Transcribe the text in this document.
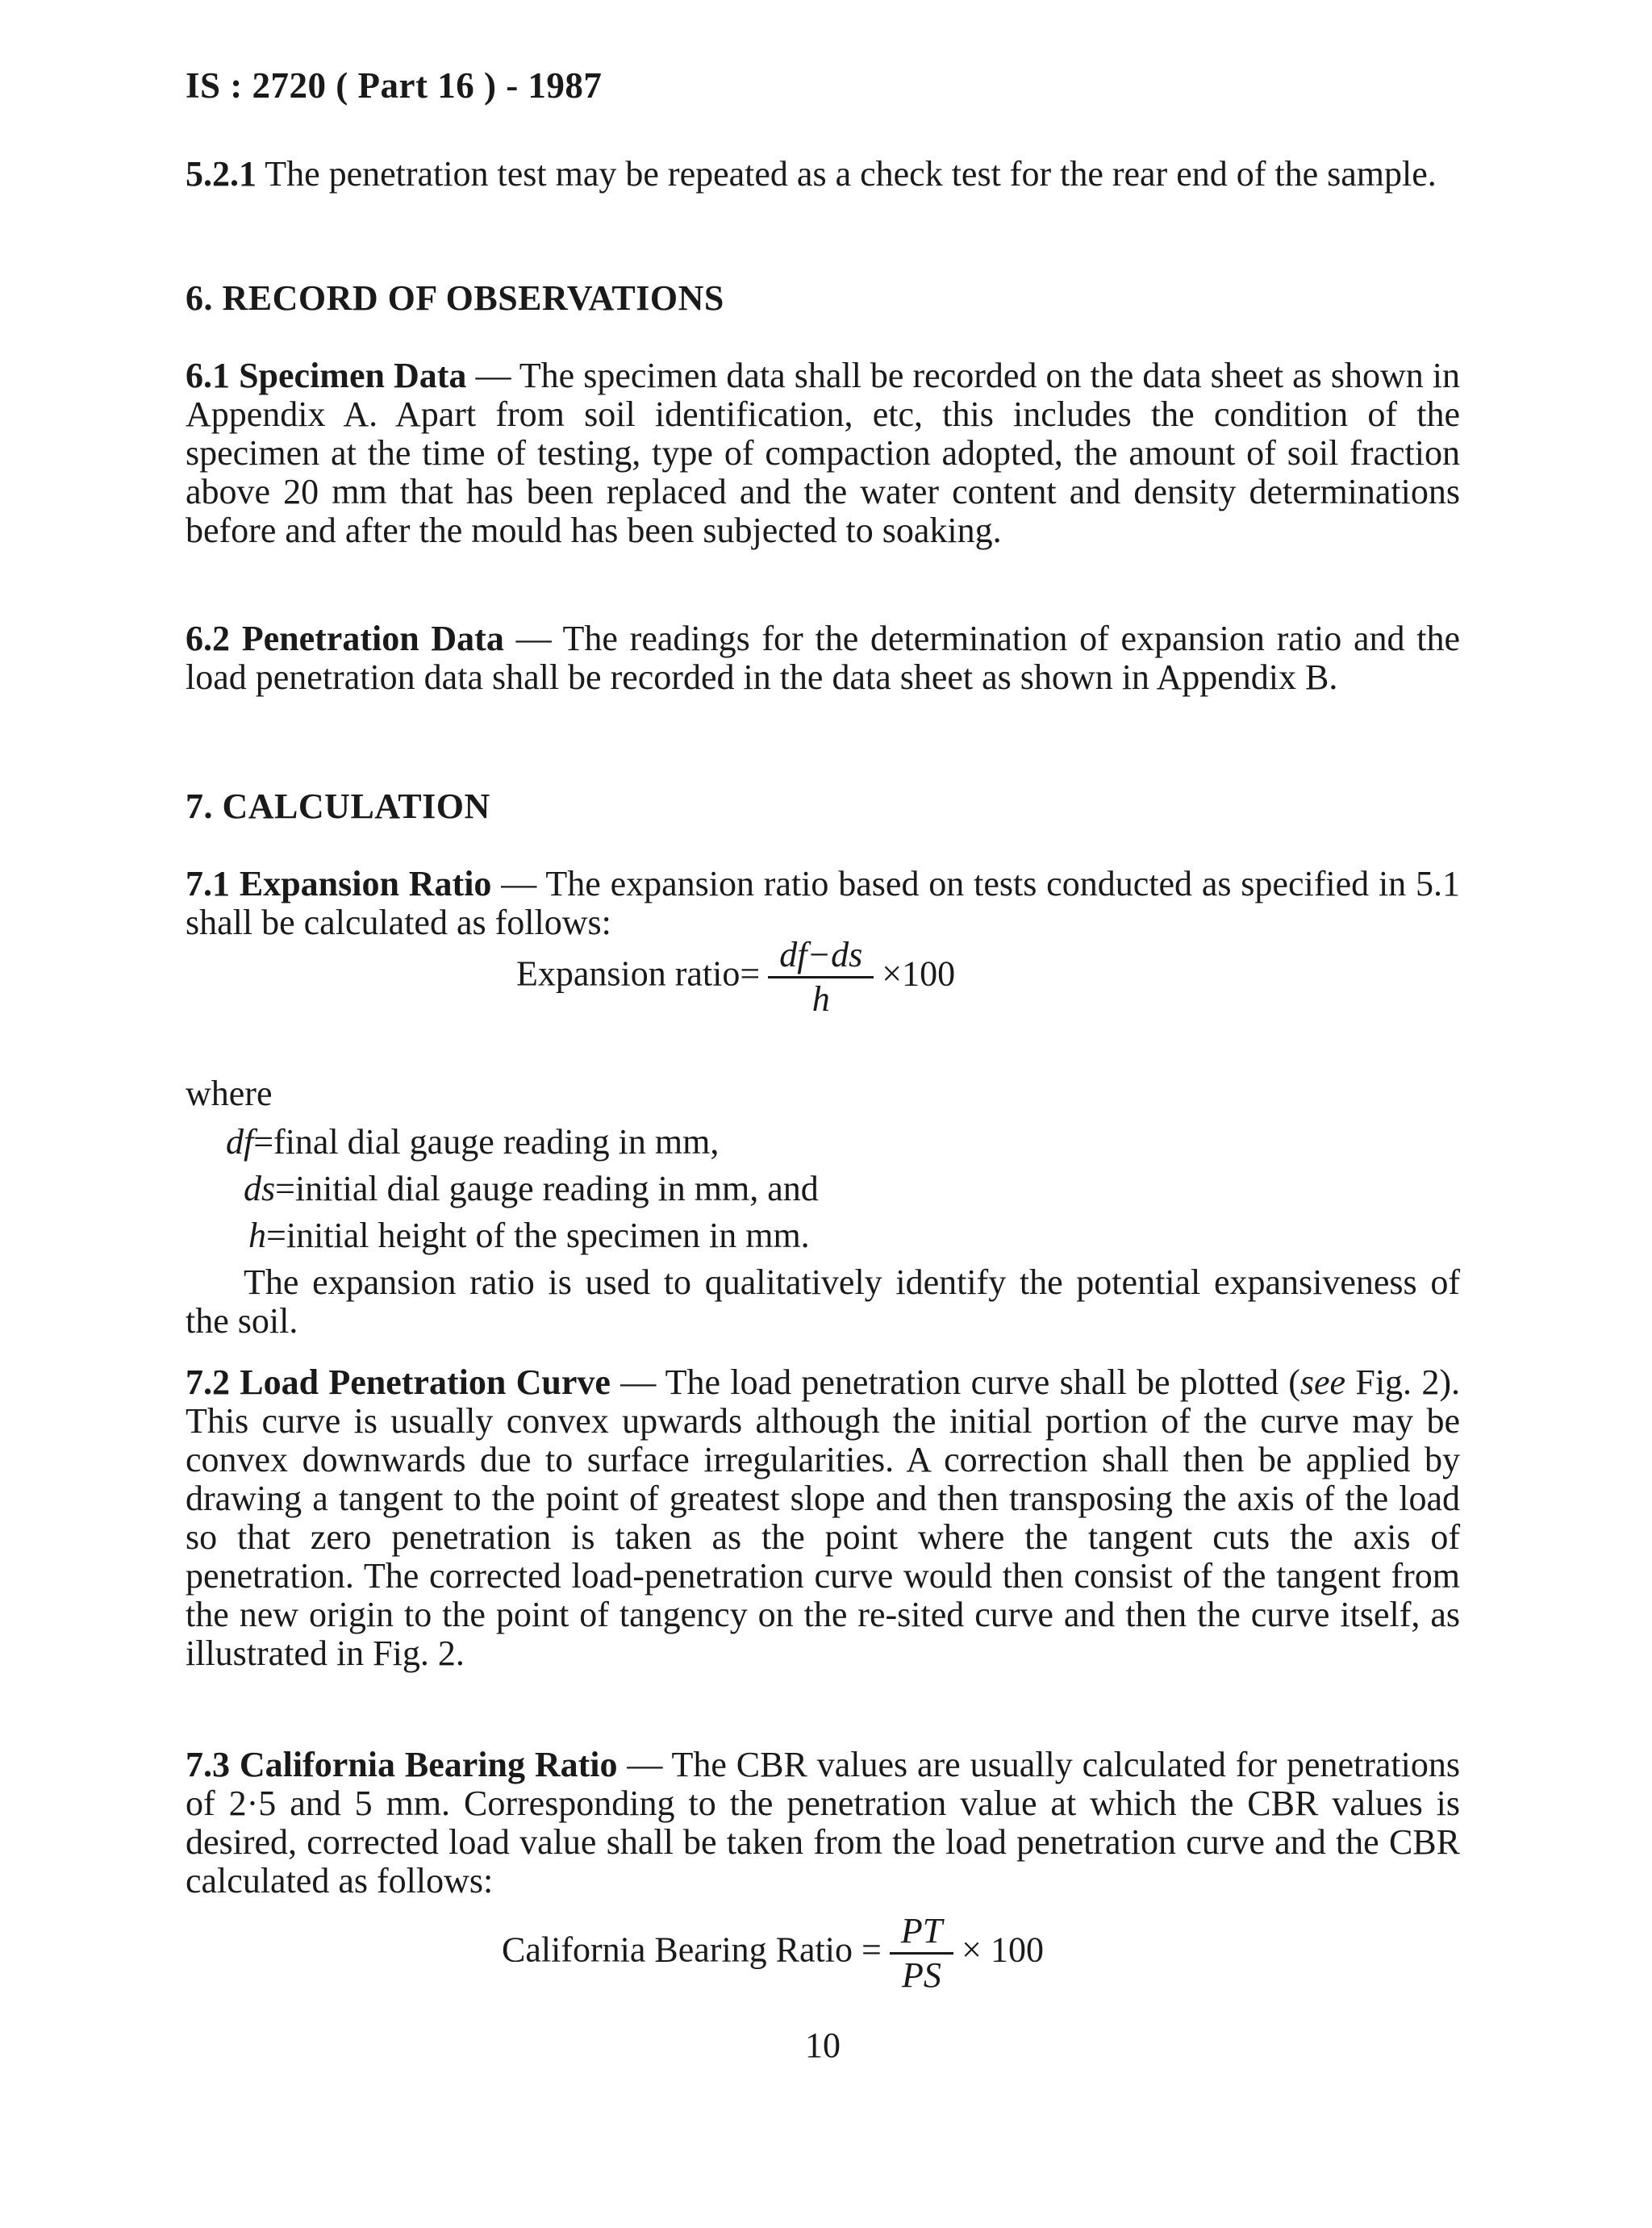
IS : 2720 ( Part 16 ) - 1987
5.2.1 The penetration test may be repeated as a check test for the rear end of the sample.
6. RECORD OF OBSERVATIONS
6.1 Specimen Data — The specimen data shall be recorded on the data sheet as shown in Appendix A. Apart from soil identification, etc, this includes the condition of the specimen at the time of testing, type of compaction adopted, the amount of soil fraction above 20 mm that has been replaced and the water content and density determinations before and after the mould has been subjected to soaking.
6.2 Penetration Data — The readings for the determination of expansion ratio and the load penetration data shall be recorded in the data sheet as shown in Appendix B.
7. CALCULATION
7.1 Expansion Ratio — The expansion ratio based on tests conducted as specified in 5.1 shall be calculated as follows:
Expansion ratio= $\frac{df-ds}{h} \times 100$
where
df=final dial gauge reading in mm,
ds=initial dial gauge reading in mm, and
h=initial height of the specimen in mm.
The expansion ratio is used to qualitatively identify the potential expansiveness of the soil.
7.2 Load Penetration Curve — The load penetration curve shall be plotted (see Fig. 2). This curve is usually convex upwards although the initial portion of the curve may be convex downwards due to surface irregularities. A correction shall then be applied by drawing a tangent to the point of greatest slope and then transposing the axis of the load so that zero penetration is taken as the point where the tangent cuts the axis of penetration. The corrected load-penetration curve would then consist of the tangent from the new origin to the point of tangency on the re-sited curve and then the curve itself, as illustrated in Fig. 2.
7.3 California Bearing Ratio — The CBR values are usually calculated for penetrations of 2·5 and 5 mm. Corresponding to the penetration value at which the CBR values is desired, corrected load value shall be taken from the load penetration curve and the CBR calculated as follows:
California Bearing Ratio = $\frac{PT}{PS} \times 100$
10
